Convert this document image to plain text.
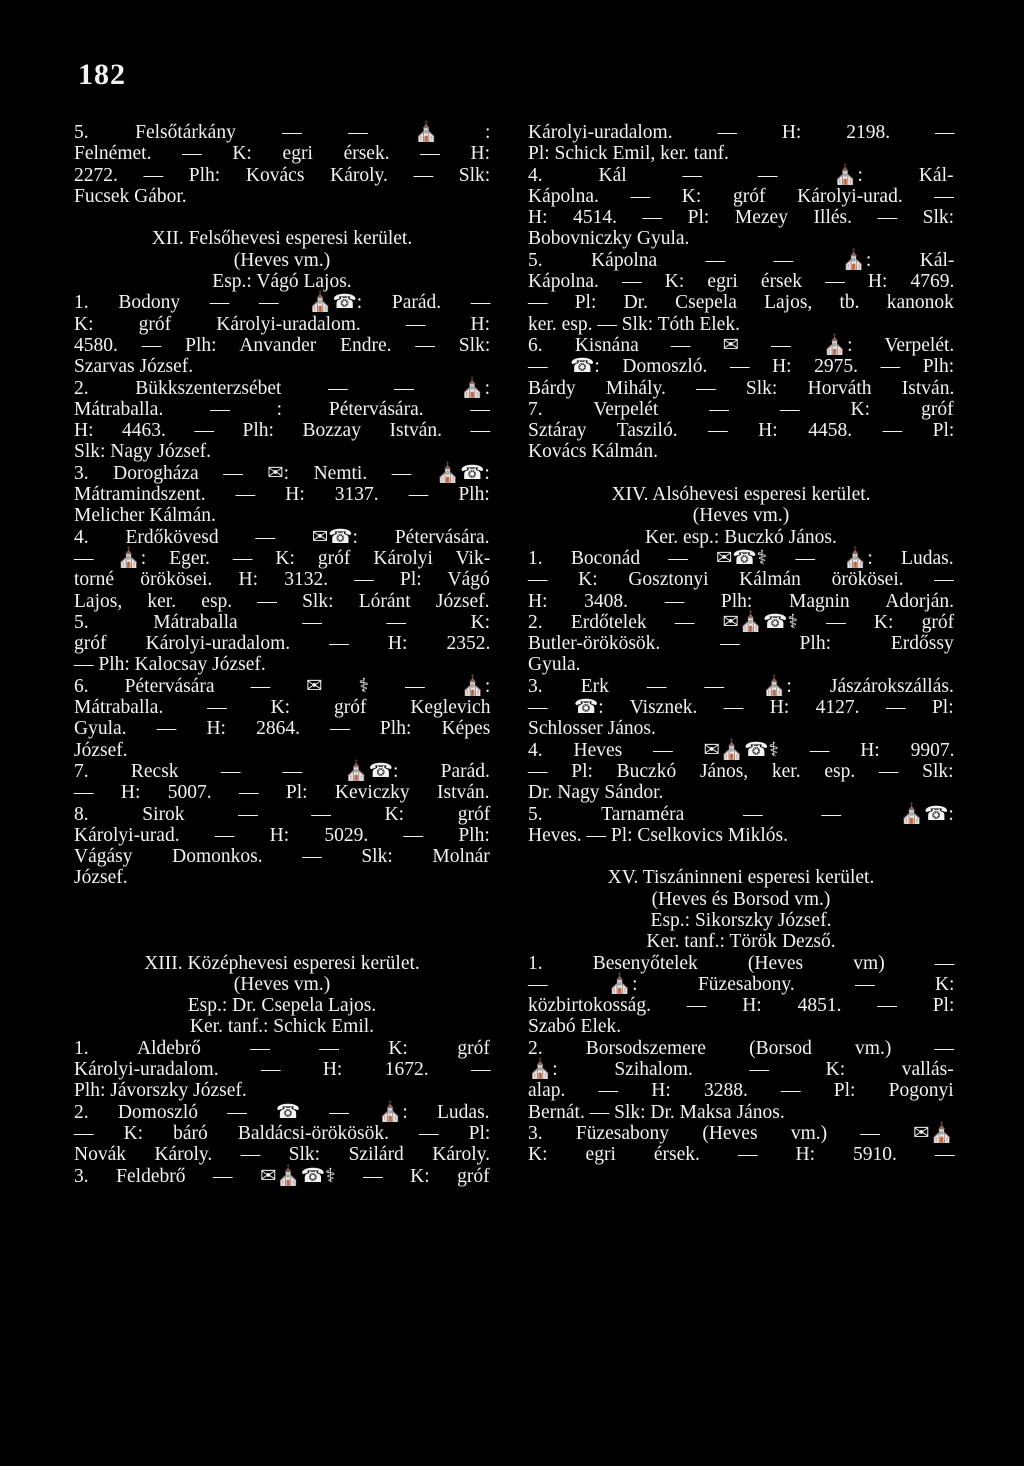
182
5. Felsőtárkány — — ⛪ :
Felnémet. — K: egri érsek. — H:
2272. — Plh: Kovács Károly. — Slk:
Fucsek Gábor.
XII. Felsőhevesi esperesi kerület.
(Heves vm.)
Esp.: Vágó Lajos.
1. Bodony — — ⛪☎: Parád. —
K: gróf Károlyi-uradalom. — H:
4580. — Plh: Anvander Endre. — Slk:
Szarvas József.
2. Bükkszenterzsébet — — ⛪:
Mátraballa. — : Pétervására. —
H: 4463. — Plh: Bozzay István. —
Slk: Nagy József.
3. Dorogháza — ✉: Nemti. — ⛪☎:
Mátramindszent. — H: 3137. — Plh:
Melicher Kálmán.
4. Erdőkövesd — ✉☎: Pétervására.
— ⛪: Eger. — K: gróf Károlyi Vik-
torné örökösei. H: 3132. — Pl: Vágó
Lajos, ker. esp. — Slk: Lóránt József.
5. Mátraballa — — K:
gróf Károlyi-uradalom. — H: 2352.
— Plh: Kalocsay József.
6. Pétervására — ✉ ⚕ — ⛪:
Mátraballa. — K: gróf Keglevich
Gyula. — H: 2864. — Plh: Képes
József.
7. Recsk — — ⛪☎: Parád.
— H: 5007. — Pl: Keviczky István.
8. Sirok — — K: gróf
Károlyi-urad. — H: 5029. — Plh:
Vágásy Domonkos. — Slk: Molnár
József.
XIII. Középhevesi esperesi kerület.
(Heves vm.)
Esp.: Dr. Csepela Lajos.
Ker. tanf.: Schick Emil.
1. Aldebrő — — K: gróf
Károlyi-uradalom. — H: 1672. —
Plh: Jávorszky József.
2. Domoszló — ☎ — ⛪: Ludas.
— K: báró Baldácsi-örökösök. — Pl:
Novák Károly. — Slk: Szilárd Károly.
3. Feldebrő — ✉⛪☎⚕ — K: gróf
Károlyi-uradalom. — H: 2198. —
Pl: Schick Emil, ker. tanf.
4. Kál — — ⛪: Kál-
Kápolna. — K: gróf Károlyi-urad. —
H: 4514. — Pl: Mezey Illés. — Slk:
Bobovniczky Gyula.
5. Kápolna — — ⛪: Kál-
Kápolna. — K: egri érsek — H: 4769.
— Pl: Dr. Csepela Lajos, tb. kanonok
ker. esp. — Slk: Tóth Elek.
6. Kisnána — ✉ — ⛪: Verpelét.
— ☎: Domoszló. — H: 2975. — Plh:
Bárdy Mihály. — Slk: Horváth István.
7. Verpelét — — K: gróf
Sztáray Tasziló. — H: 4458. — Pl:
Kovács Kálmán.
XIV. Alsóhevesi esperesi kerület.
(Heves vm.)
Ker. esp.: Buczkó János.
1. Boconád — ✉☎⚕ — ⛪: Ludas.
— K: Gosztonyi Kálmán örökösei. —
H: 3408. — Plh: Magnin Adorján.
2. Erdőtelek — ✉⛪☎⚕ — K: gróf
Butler-örökösök. — Plh: Erdőssy
Gyula.
3. Erk — — ⛪: Jászárokszállás.
— ☎: Visznek. — H: 4127. — Pl:
Schlosser János.
4. Heves — ✉⛪☎⚕ — H: 9907.
— Pl: Buczkó János, ker. esp. — Slk:
Dr. Nagy Sándor.
5. Tarnaméra — — ⛪☎:
Heves. — Pl: Cselkovics Miklós.
XV. Tiszáninneni esperesi kerület.
(Heves és Borsod vm.)
Esp.: Sikorszky József.
Ker. tanf.: Török Dezső.
1. Besenyőtelek (Heves vm) —
— ⛪: Füzesabony. — K:
közbirtokosság. — H: 4851. — Pl:
Szabó Elek.
2. Borsodszemere (Borsod vm.) —
⛪: Szihalom. — K: vallás-
alap. — H: 3288. — Pl: Pogonyi
Bernát. — Slk: Dr. Maksa János.
3. Füzesabony (Heves vm.) — ✉⛪
K: egri érsek. — H: 5910. —
